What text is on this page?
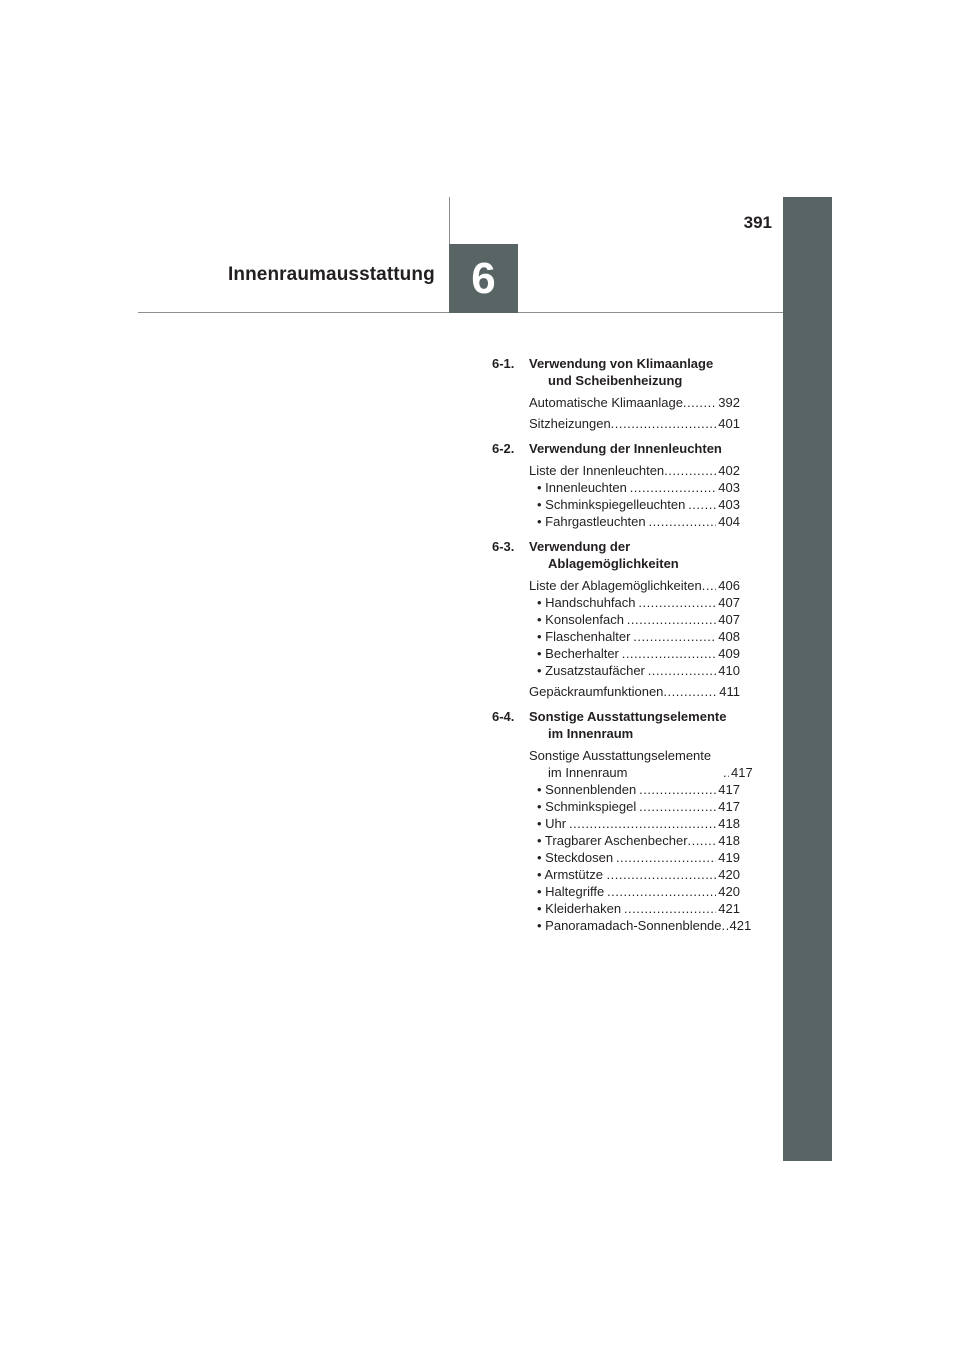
391
6
Innenraumausstattung
6-1.	Verwendung von Klimaanlage und Scheibenheizung
Automatische Klimaanlage .....	392
Sitzheizungen .....	401
6-2.	Verwendung der Innenleuchten
Liste der Innenleuchten .....	402
• Innenleuchten .....	403
• Schminkspiegelleuchten .....	403
• Fahrgastleuchten .....	404
6-3.	Verwendung der Ablagemöglichkeiten
Liste der Ablagemöglichkeiten ..... 406
• Handschuhfach .....	407
• Konsolenfach .....	407
• Flaschenhalter .....	408
• Becherhalter .....	409
• Zusatzstaufächer .....	410
Gepäckraumfunktionen .....	411
6-4.	Sonstige Ausstattungselemente im Innenraum
Sonstige Ausstattungselemente im Innenraum .....	417
• Sonnenblenden .....	417
• Schminkspiegel .....	417
• Uhr .....	418
• Tragbarer Aschenbecher ..... 418
• Steckdosen .....	419
• Armstütze .....	420
• Haltegriffe .....	420
• Kleiderhaken .....	421
• Panoramadach-Sonnenblende ..... 421
